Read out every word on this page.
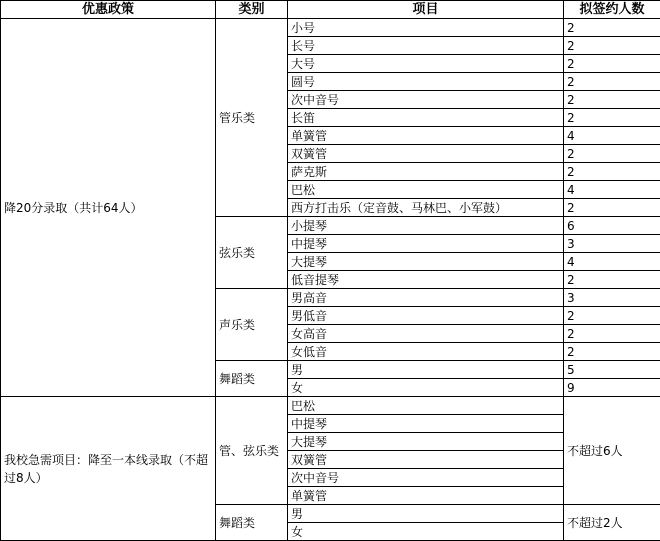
优惠政策	类别	项目	拟签约人数
降20分录取（共计64人）	管乐类	小号	2
		长号	2
		大号	2
		圆号	2
		次中音号	2
		长笛	2
		单簧管	4
		双簧管	2
		萨克斯	2
		巴松	4
		西方打击乐（定音鼓、马林巴、小军鼓）	2
	弦乐类	小提琴	6
		中提琴	3
		大提琴	4
		低音提琴	2
	声乐类	男高音	3
		男低音	2
		女高音	2
		女低音	2
	舞蹈类	男	5
		女	9
我校急需项目：降至一本线录取（不超过8人）	管、弦乐类	巴松	不超过6人
		中提琴	
		大提琴	
		双簧管	
		次中音号	
		单簧管	
	舞蹈类	男	不超过2人
		女	
